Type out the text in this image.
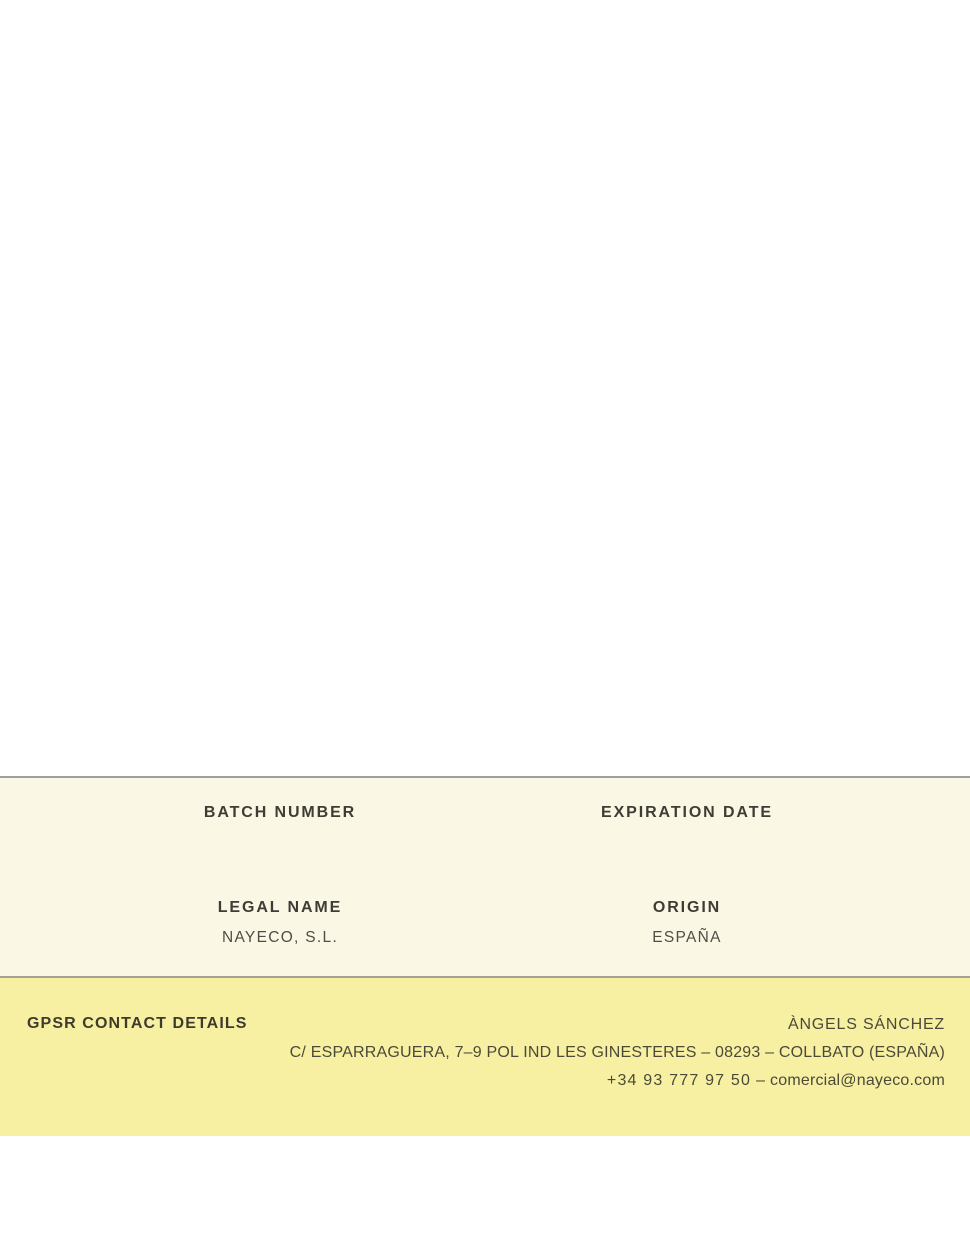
BATCH NUMBER	EXPIRATION DATE
LEGAL NAME
NAYECO, S.L.
ORIGIN
ESPAÑA
GPSR CONTACT DETAILS	ÀNGELS SÁNCHEZ
C/ ESPARRAGUERA, 7–9 POL IND LES GINESTERES – 08293 – COLLBATO (ESPAÑA)
+34 93 777 97 50 – comercial@nayeco.com
